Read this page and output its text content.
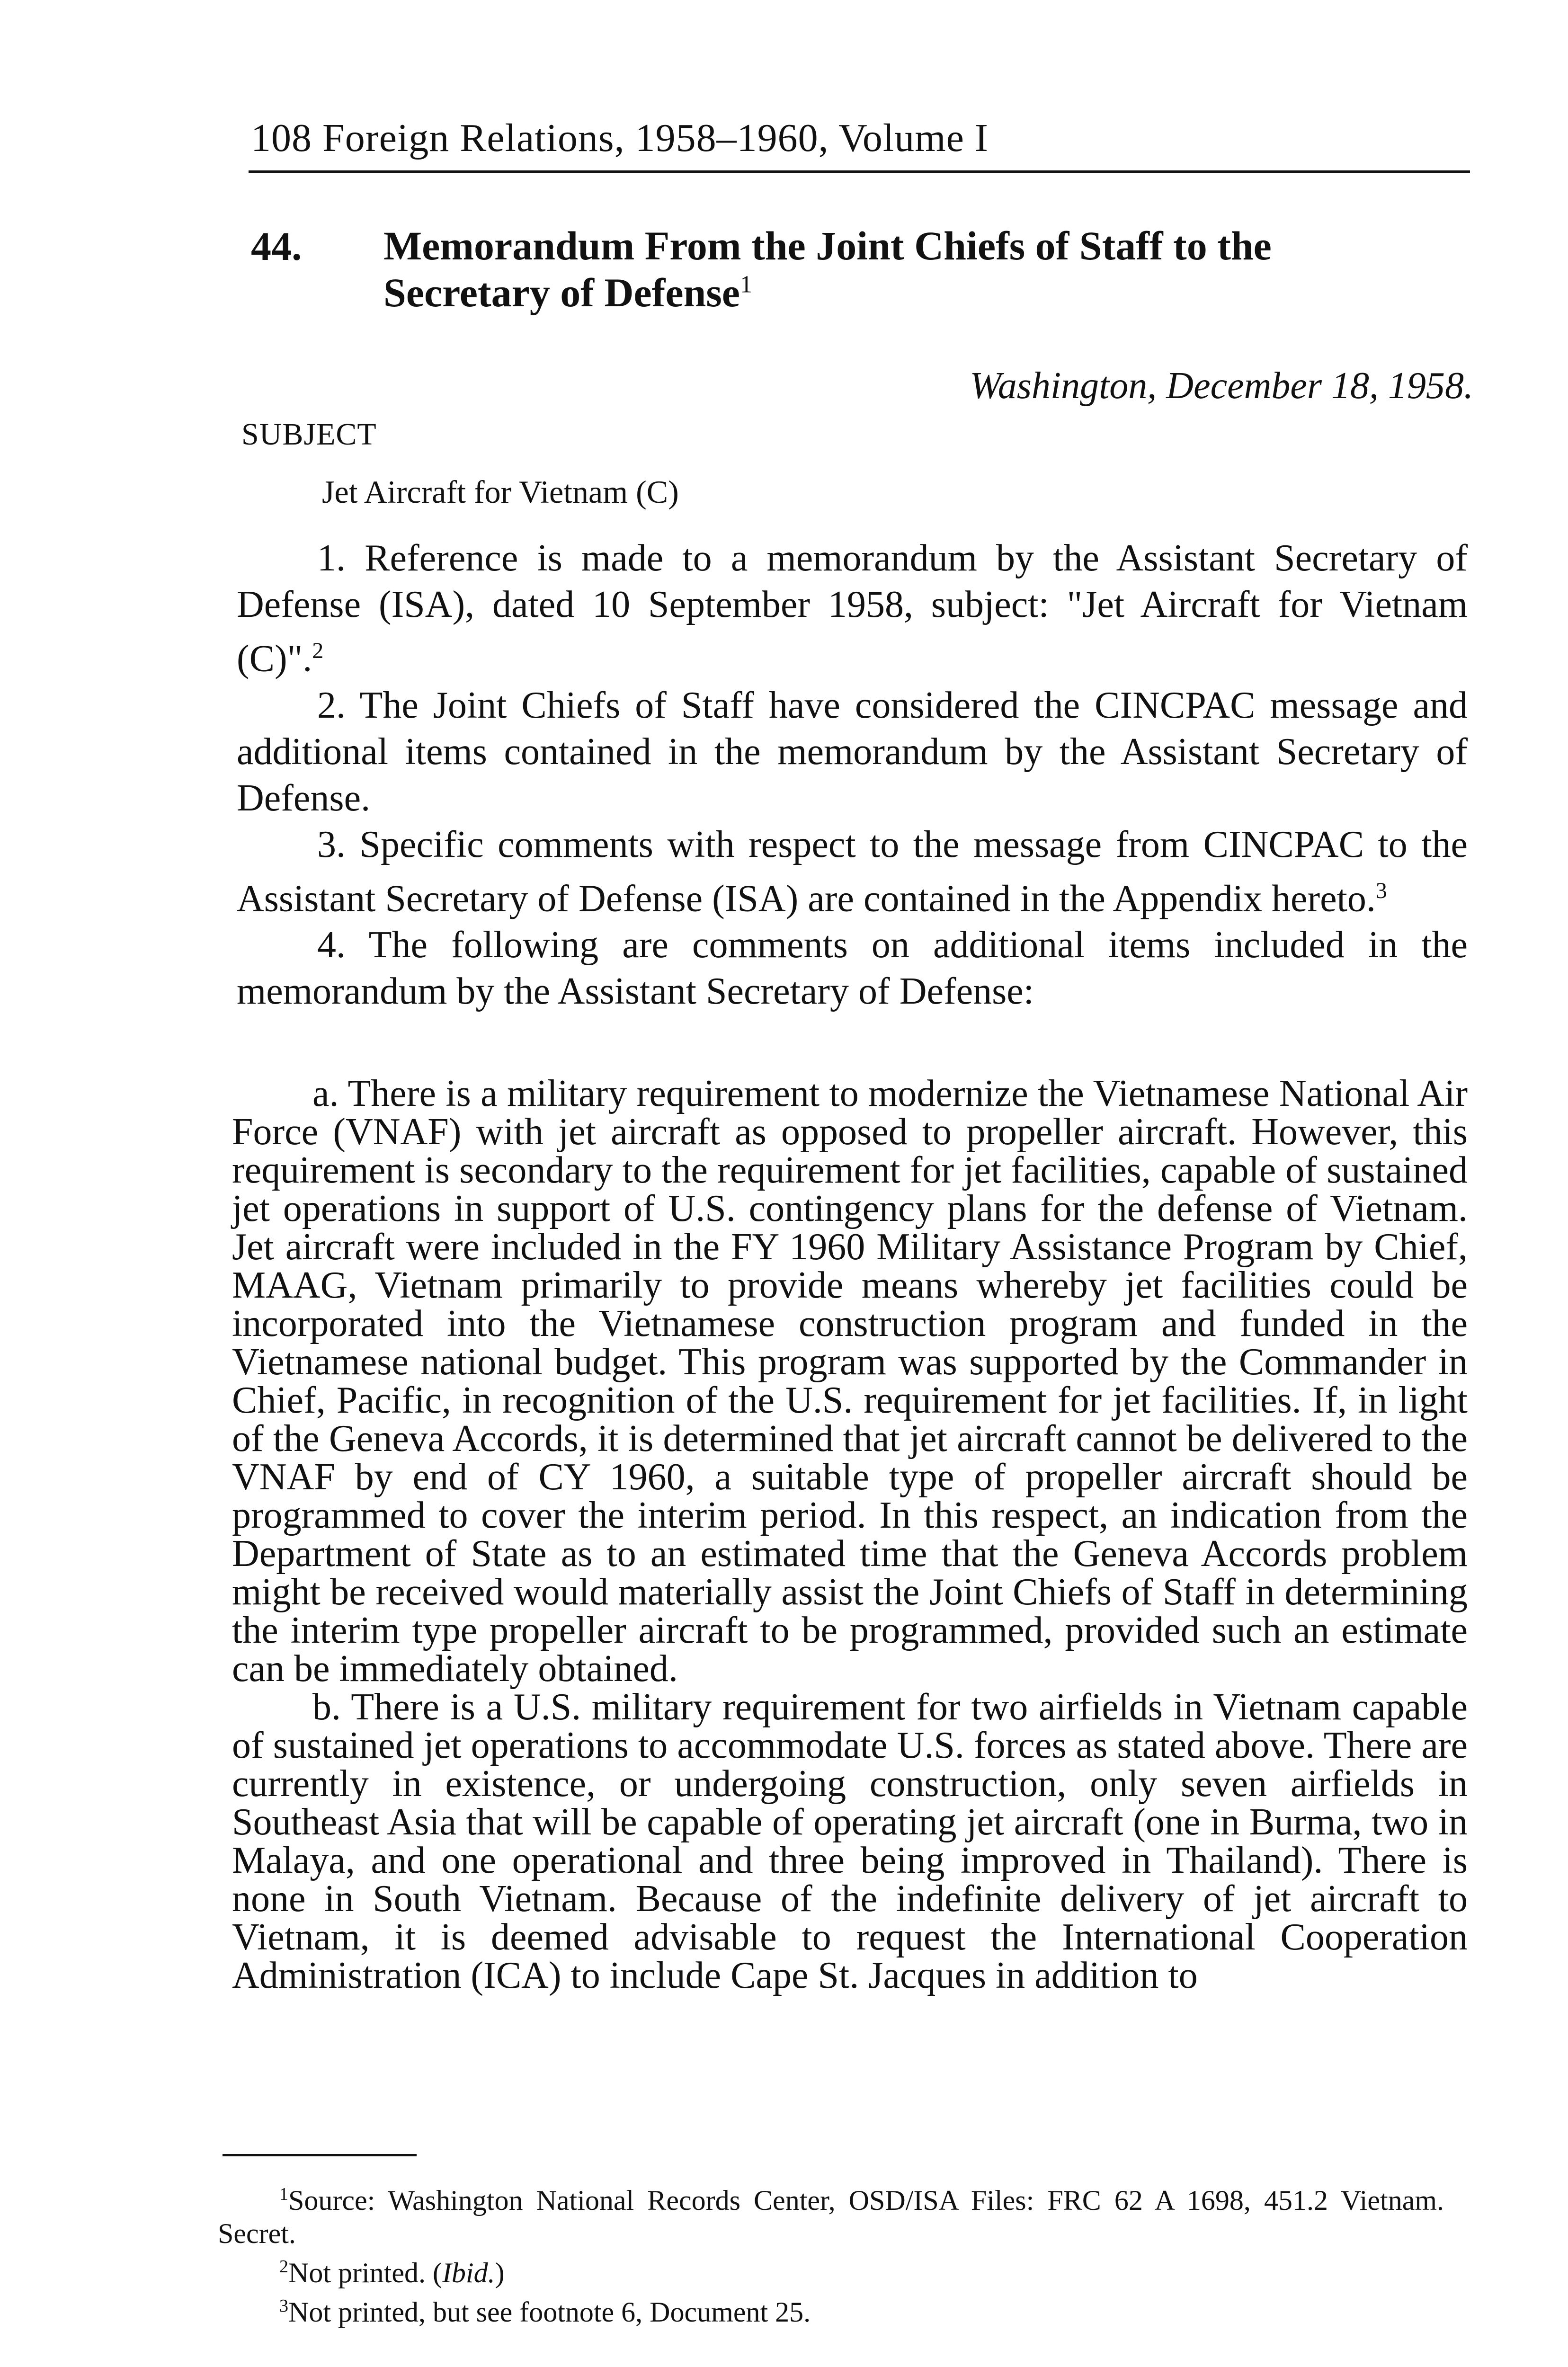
108 Foreign Relations, 1958–1960, Volume I
44. Memorandum From the Joint Chiefs of Staff to the Secretary of Defense$^1$
Washington, December 18, 1958.
SUBJECT
Jet Aircraft for Vietnam (C)

1. Reference is made to a memorandum by the Assistant Secretary of Defense (ISA), dated 10 September 1958, subject: "Jet Aircraft for Vietnam (C)".$^2$

2. The Joint Chiefs of Staff have considered the CINCPAC message and additional items contained in the memorandum by the Assistant Secretary of Defense.

3. Specific comments with respect to the message from CINCPAC to the Assistant Secretary of Defense (ISA) are contained in the Appendix hereto.$^3$

4. The following are comments on additional items included in the memorandum by the Assistant Secretary of Defense:

a. There is a military requirement to modernize the Vietnamese National Air Force (VNAF) with jet aircraft as opposed to propeller aircraft. However, this requirement is secondary to the requirement for jet facilities, capable of sustained jet operations in support of U.S. contingency plans for the defense of Vietnam. Jet aircraft were included in the FY 1960 Military Assistance Program by Chief, MAAG, Vietnam primarily to provide means whereby jet facilities could be incorporated into the Vietnamese construction program and funded in the Vietnamese national budget. This program was supported by the Commander in Chief, Pacific, in recognition of the U.S. requirement for jet facilities. If, in light of the Geneva Accords, it is determined that jet aircraft cannot be delivered to the VNAF by end of CY 1960, a suitable type of propeller aircraft should be programmed to cover the interim period. In this respect, an indication from the Department of State as to an estimated time that the Geneva Accords problem might be received would materially assist the Joint Chiefs of Staff in determining the interim type propeller aircraft to be programmed, provided such an estimate can be immediately obtained.

b. There is a U.S. military requirement for two airfields in Vietnam capable of sustained jet operations to accommodate U.S. forces as stated above. There are currently in existence, or undergoing construction, only seven airfields in Southeast Asia that will be capable of operating jet aircraft (one in Burma, two in Malaya, and one operational and three being improved in Thailand). There is none in South Vietnam. Because of the indefinite delivery of jet aircraft to Vietnam, it is deemed advisable to request the International Cooperation Administration (ICA) to include Cape St. Jacques in addition to

$^1$Source: Washington National Records Center, OSD/ISA Files: FRC 62 A 1698, 451.2 Vietnam. Secret.

$^2$Not printed. (Ibid.)

$^3$Not printed, but see footnote 6, Document 25.
